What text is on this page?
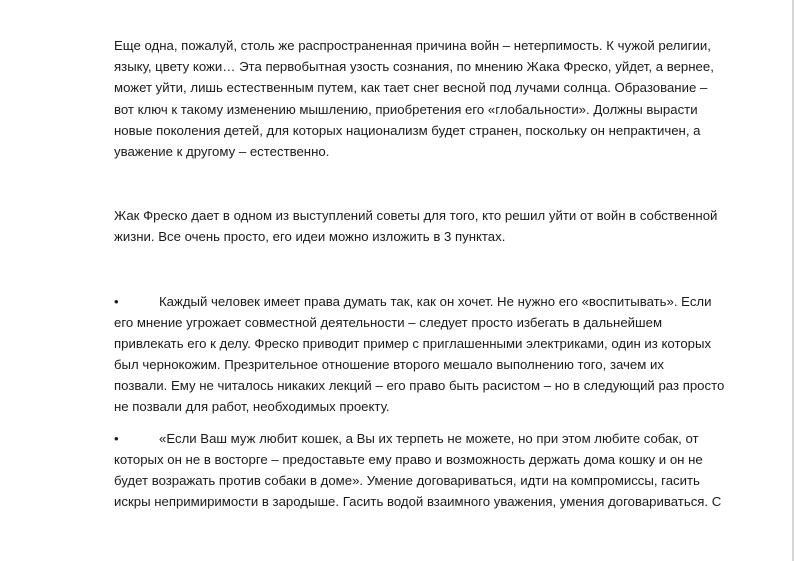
Еще одна, пожалуй, столь же распространенная причина войн – нетерпимость. К чужой религии,
языку, цвету кожи… Эта первобытная узость сознания, по мнению Жака Фреско, уйдет, а вернее,
может уйти, лишь естественным путем, как тает снег весной под лучами солнца. Образование –
вот ключ к такому изменению мышлению, приобретения его «глобальности». Должны вырасти
новые поколения детей, для которых национализм будет странен, поскольку он непрактичен, а
уважение к другому – естественно.
Жак Фреско дает в одном из выступлений советы для того, кто решил уйти от войн в собственной
жизни. Все очень просто, его идеи можно изложить в 3 пунктах.
•	Каждый человек имеет права думать так, как он хочет. Не нужно его «воспитывать». Если
его мнение угрожает совместной деятельности – следует просто избегать в дальнейшем
привлекать его к делу. Фреско приводит пример с приглашенными электриками, один из которых
был чернокожим. Презрительное отношение второго мешало выполнению того, зачем их
позвали. Ему не читалось никаких лекций – его право быть расистом – но в следующий раз просто
не позвали для работ, необходимых проекту.
•	«Если Ваш муж любит кошек, а Вы их терпеть не можете, но при этом любите собак, от
которых он не в восторге – предоставьте ему право и возможность держать дома кошку и он не
будет возражать против собаки в доме». Умение договариваться, идти на компромиссы, гасить
искры непримиримости в зародыше. Гасить водой взаимного уважения, умения договариваться. С
